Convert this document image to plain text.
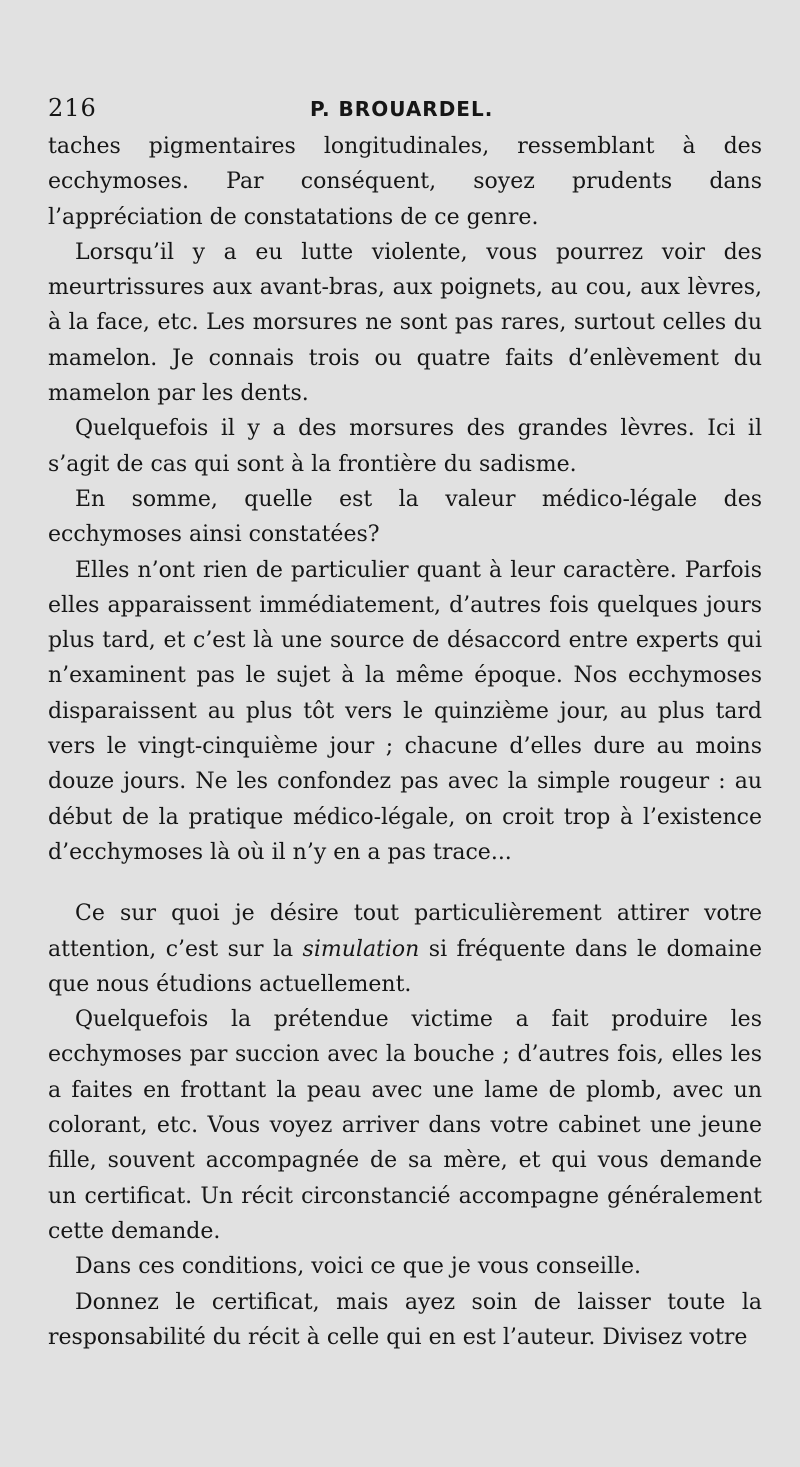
216	P. BROUARDEL.

taches pigmentaires longitudinales, ressemblant à des ecchymoses. Par conséquent, soyez prudents dans l’appréciation de constatations de ce genre.

Lorsqu’il y a eu lutte violente, vous pourrez voir des meurtrissures aux avant-bras, aux poignets, au cou, aux lèvres, à la face, etc. Les morsures ne sont pas rares, surtout celles du mamelon. Je connais trois ou quatre faits d’enlèvement du mamelon par les dents.

Quelquefois il y a des morsures des grandes lèvres. Ici il s’agit de cas qui sont à la frontière du sadisme.

En somme, quelle est la valeur médico-légale des ecchymoses ainsi constatées?

Elles n’ont rien de particulier quant à leur caractère. Parfois elles apparaissent immédiatement, d’autres fois quelques jours plus tard, et c’est là une source de désaccord entre experts qui n’examinent pas le sujet à la même époque. Nos ecchymoses disparaissent au plus tôt vers le quinzième jour, au plus tard vers le vingt-cinquième jour ; chacune d’elles dure au moins douze jours. Ne les confondez pas avec la simple rougeur : au début de la pratique médico-légale, on croit trop à l’existence d’ecchymoses là où il n’y en a pas trace...

Ce sur quoi je désire tout particulièrement attirer votre attention, c’est sur la simulation si fréquente dans le domaine que nous étudions actuellement.

Quelquefois la prétendue victime a fait produire les ecchymoses par succion avec la bouche ; d’autres fois, elles les a faites en frottant la peau avec une lame de plomb, avec un colorant, etc. Vous voyez arriver dans votre cabinet une jeune fille, souvent accompagnée de sa mère, et qui vous demande un certificat. Un récit circonstancié accompagne généralement cette demande.

Dans ces conditions, voici ce que je vous conseille.

Donnez le certificat, mais ayez soin de laisser toute la responsabilité du récit à celle qui en est l’auteur. Divisez votre
